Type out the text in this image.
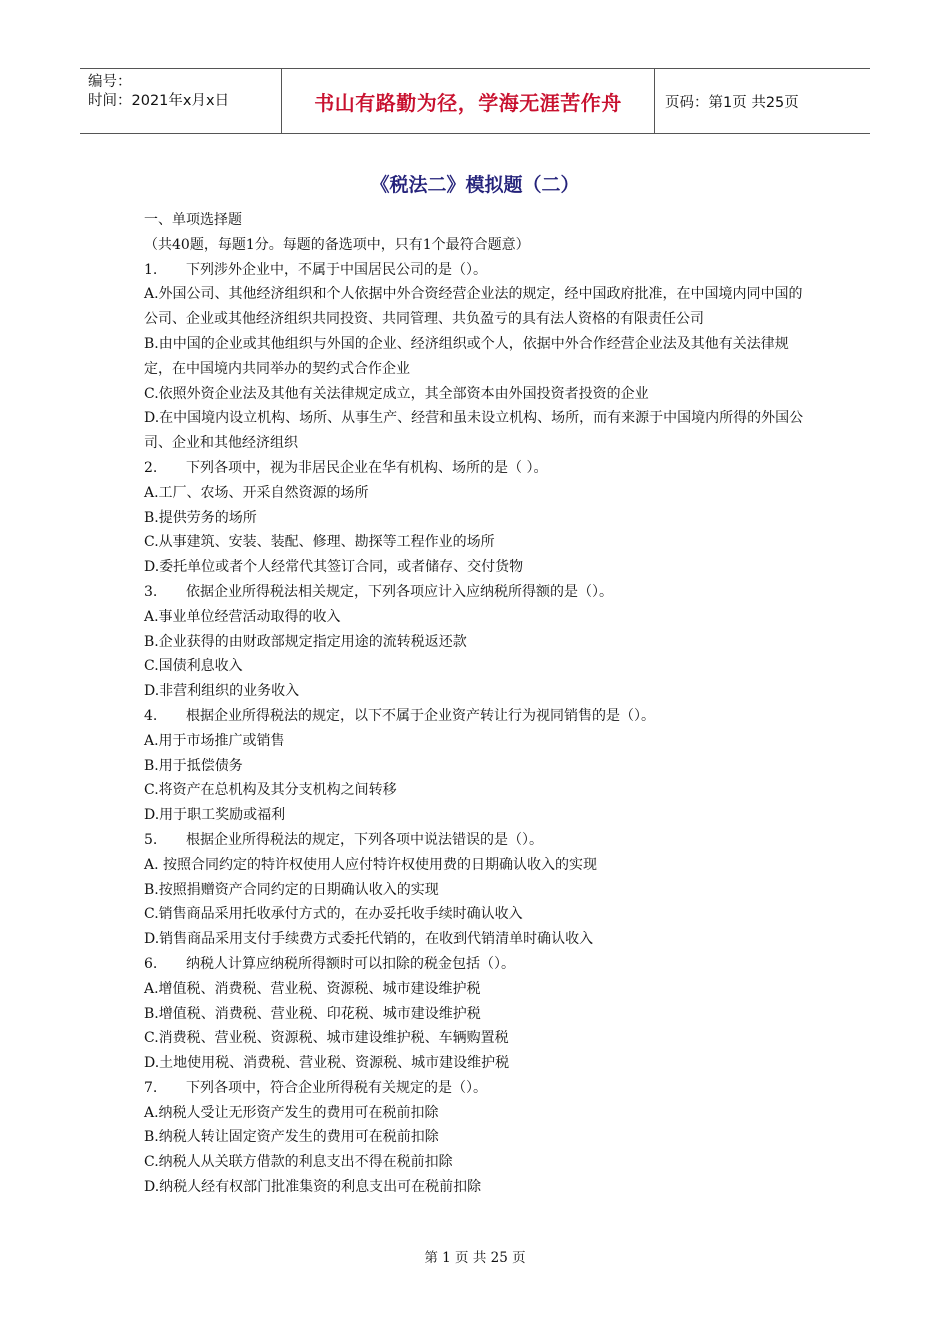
编号：
时间：2021年x月x日	书山有路勤为径，学海无涯苦作舟	页码：第1页 共25页
《税法二》模拟题（二）
一、单项选择题
（共40题，每题1分。每题的备选项中，只有1个最符合题意）
1. 下列涉外企业中，不属于中国居民公司的是（）。
A.外国公司、其他经济组织和个人依据中外合资经营企业法的规定，经中国政府批准，在中国境内同中国的公司、企业或其他经济组织共同投资、共同管理、共负盈亏的具有法人资格的有限责任公司
B.由中国的企业或其他组织与外国的企业、经济组织或个人，依据中外合作经营企业法及其他有关法律规定，在中国境内共同举办的契约式合作企业
C.依照外资企业法及其他有关法律规定成立，其全部资本由外国投资者投资的企业
D.在中国境内设立机构、场所、从事生产、经营和虽未设立机构、场所，而有来源于中国境内所得的外国公司、企业和其他经济组织
2. 下列各项中，视为非居民企业在华有机构、场所的是（ ）。
A.工厂、农场、开采自然资源的场所
B.提供劳务的场所
C.从事建筑、安装、装配、修理、勘探等工程作业的场所
D.委托单位或者个人经常代其签订合同，或者储存、交付货物
3. 依据企业所得税法相关规定，下列各项应计入应纳税所得额的是（）。
A.事业单位经营活动取得的收入
B.企业获得的由财政部规定指定用途的流转税返还款
C.国债利息收入
D.非营利组织的业务收入
4. 根据企业所得税法的规定，以下不属于企业资产转让行为视同销售的是（）。
A.用于市场推广或销售
B.用于抵偿债务
C.将资产在总机构及其分支机构之间转移
D.用于职工奖励或福利
5. 根据企业所得税法的规定，下列各项中说法错误的是（）。
A. 按照合同约定的特许权使用人应付特许权使用费的日期确认收入的实现
B.按照捐赠资产合同约定的日期确认收入的实现
C.销售商品采用托收承付方式的，在办妥托收手续时确认收入
D.销售商品采用支付手续费方式委托代销的，在收到代销清单时确认收入
6. 纳税人计算应纳税所得额时可以扣除的税金包括（）。
A.增值税、消费税、营业税、资源税、城市建设维护税
B.增值税、消费税、营业税、印花税、城市建设维护税
C.消费税、营业税、资源税、城市建设维护税、车辆购置税
D.土地使用税、消费税、营业税、资源税、城市建设维护税
7. 下列各项中，符合企业所得税有关规定的是（）。
A.纳税人受让无形资产发生的费用可在税前扣除
B.纳税人转让固定资产发生的费用可在税前扣除
C.纳税人从关联方借款的利息支出不得在税前扣除
D.纳税人经有权部门批准集资的利息支出可在税前扣除
第 1 页 共 25 页
